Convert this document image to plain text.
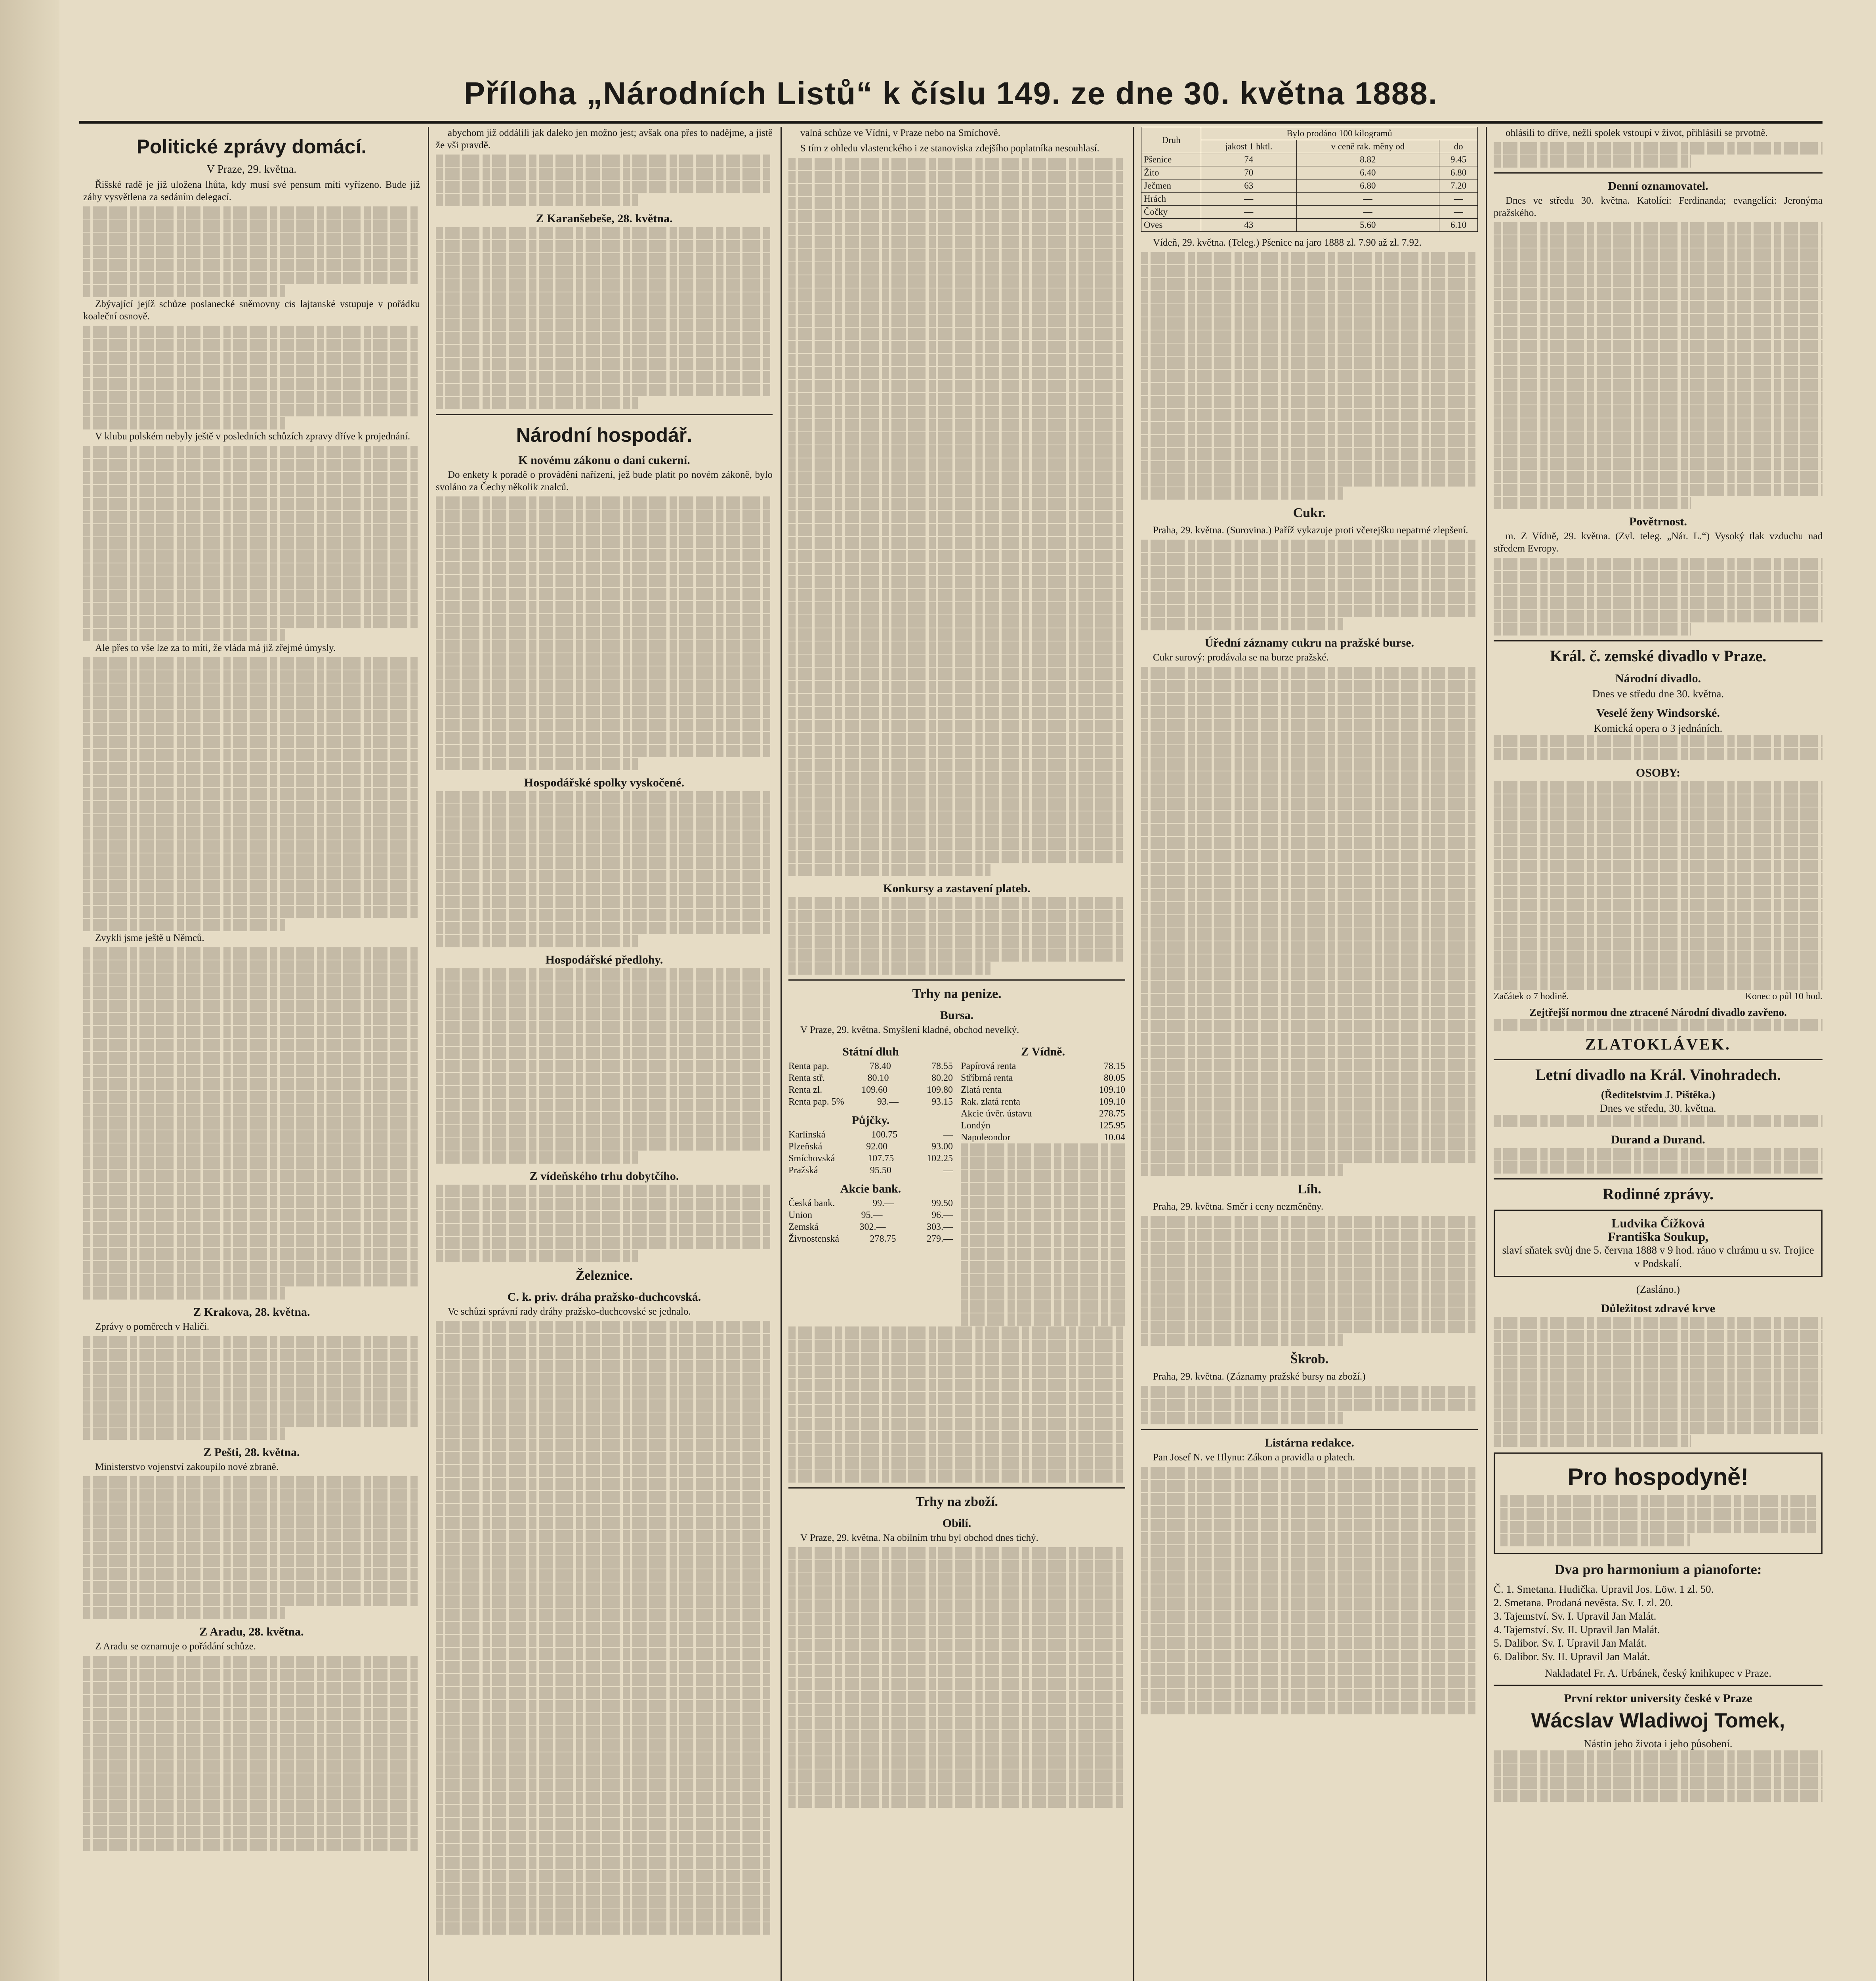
Příloha „Národních Listů“ k číslu 149. ze dne 30. května 1888.
Politické zprávy domácí.
V Praze, 29. května.

Řišské radě je již uložena lhůta, kdy musí své pensum míti vyřízeno. Bude již záhy vysvětlena za sedáním delegací.

Zbývající jejíž schůze poslanecké sněmovny cis lajtanské vstupuje v pořádku koaleční osnově.

V klubu polském nebyly ještě v posledních schůzích zpravy dříve k projednání.

Ale přes to vše lze za to míti, že vláda má již zřejmé úmysly.

Zvykli jsme ještě u Němců.

Z Krakova, 28. května.

Zprávy o poměrech v Haliči.

Z Pešti, 28. května.

Ministerstvo vojenství zakoupilo nové zbraně.

Z Aradu, 28. května.

Z Aradu se oznamuje o pořádání schůze.

abychom již oddálili jak daleko jen možno jest; avšak ona přes to nadějme, a jistě že vši pravdě.

Z Karanšebeše, 28. května.
Národní hospodář.
K novému zákonu o dani cukerní.

Do enkety k poradě o provádění nařízení, jež bude platit po novém zákoně, bylo svoláno za Čechy několik znalců.

Hospodářské spolky vyskočené.
Hospodářské předlohy.
Z vídeňského trhu dobytčího.
Železnice.
C. k. priv. dráha pražsko-duchcovská.

Ve schůzi správní rady dráhy pražsko-duchcovské se jednalo.

valná schůze ve Vídni, v Praze nebo na Smíchově.

S tím z ohledu vlastenckého i ze stanoviska zdejšího poplatníka nesouhlasí.

Konkursy a zastavení plateb.
Trhy na penize.
Bursa.

V Praze, 29. května. Smyšlení kladné, obchod nevelký.

Státní dluh
Renta pap.	78.40	78.55
Renta stř.	80.10	80.20
Renta zl.	109.60	109.80
Renta pap. 5%	93.—	93.15
Půjčky.
Karlínská	100.75	—
Plzeňská	92.00	93.00
Smíchovská	107.75	102.25
Pražská	95.50	—
Akcie bank.
Česká bank.	99.—	99.50
Union	95.—	96.—
Zemská	302.—	303.—
Živnostenská	278.75	279.—
Z Vídně.
Papírová renta	78.15
Stříbrná renta	80.05
Zlatá renta	109.10
Rak. zlatá renta	109.10
Akcie úvěr. ústavu	278.75
Londýn	125.95
Napoleondor	10.04
Trhy na zboží.
Obilí.

V Praze, 29. května. Na obilním trhu byl obchod dnes tichý.

Druh	Bylo prodáno 100 kilogramů		
	jakost 1 hktl.	v ceně rak. měny od	do
Pšenice	74	8.82	9.45
Žito	70	6.40	6.80
Ječmen	63	6.80	7.20
Hrách	—	—	—
Čočky	—	—	—
Oves	43	5.60	6.10

Vídeň, 29. května. (Teleg.) Pšenice na jaro 1888 zl. 7.90 až zl. 7.92.

Cukr.

Praha, 29. května. (Surovina.) Paříž vykazuje proti včerejšku nepatrné zlepšení.

Úřední záznamy cukru na pražské burse.

Cukr surový: prodávala se na burze pražské.

Líh.

Praha, 29. května. Směr i ceny nezměněny.

Škrob.

Praha, 29. května. (Záznamy pražské bursy na zboží.)

Listárna redakce.

Pan Josef N. ve Hlynu: Zákon a pravidla o platech.

ohlásili to dříve, nežli spolek vstoupí v život, přihlásili se prvotně.

Denní oznamovatel.

Dnes ve středu 30. května. Katolíci: Ferdinanda; evangelíci: Jeronýma pražského.

Povětrnost.

m. Z Vídně, 29. května. (Zvl. teleg. „Nár. L.“) Vysoký tlak vzduchu nad středem Evropy.

Král. č. zemské divadlo v Praze.
Národní divadlo.
Dnes ve středu dne 30. května.
Veselé ženy Windsorské.
Komická opera o 3 jednáních.
OSOBY:
Začátek o 7 hodině.	Konec o půl 10 hod.
Zejtřejší normou dne ztracené Národní divadlo zavřeno.
ZLATOKLÁVEK.
Letní divadlo na Král. Vinohradech.
(Ředitelstvím J. Pištěka.)
Dnes ve středu, 30. května.
Durand a Durand.
Rodinné zprávy.
Ludvika Čížková
Františka Soukup,
slaví sňatek svůj dne 5. června 1888 v 9 hod. ráno v chrámu u sv. Trojice v Podskalí.
(Zasláno.)
Důležitost zdravé krve
Pro hospodyně!
Dva pro harmonium a pianoforte:
Č. 1. Smetana. Hudička. Upravil Jos. Löw. 1 zl. 50.
2. Smetana. Prodaná nevěsta. Sv. I. zl. 20.
3. Tajemství. Sv. I. Upravil Jan Malát.
4. Tajemství. Sv. II. Upravil Jan Malát.
5. Dalibor. Sv. I. Upravil Jan Malát.
6. Dalibor. Sv. II. Upravil Jan Malát.
Nakladatel Fr. A. Urbánek, český knihkupec v Praze.
První rektor university české v Praze
Wácslav Wladiwoj Tomek,
Nástin jeho života i jeho působení.
